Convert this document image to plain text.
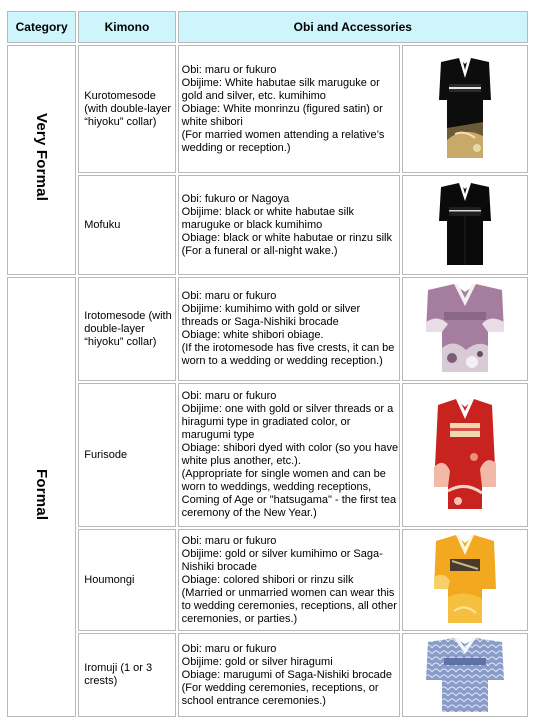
Category	Kimono	Obi and Accessories	
Very Formal	Kurotomesode (with double-layer “hiyoku” collar)	Obi: maru or fukuro
Obijime: White habutae silk maruguke or gold and silver, etc. kumihimo
Obiage: White monrinzu (figured satin) or white shibori
(For married women attending a relative’s wedding or reception.)

	Mofuku	Obi: fukuro or Nagoya
Obijime: black or white habutae silk maruguke or black kumihimo
Obiage: black or white habutae or rinzu silk
(For a funeral or all-night wake.)

Formal	Irotomesode (with double-layer “hiyoku” collar)	Obi: maru or fukuro
Obijime: kumihimo with gold or silver threads or Saga-Nishiki brocade
Obiage: white shibori obiage.
(If the irotomesode has five crests, it can be worn to a wedding or wedding reception.)

	Furisode	Obi: maru or fukuro
Obijime: one with gold or silver threads or a hiragumi type in gradiated color, or marugumi type
Obiage: shibori dyed with color (so you have white plus another, etc.).
(Appropriate for single women and can be worn to weddings, wedding receptions, Coming of Age or "hatsugama" - the first tea ceremony of the New Year.)

	Houmongi	Obi: maru or fukuro
Obijime: gold or silver kumihimo or Saga-Nishiki brocade
Obiage: colored shibori or rinzu silk
(Married or unmarried women can wear this to wedding ceremonies, receptions, all other ceremonies, or parties.)

	Iromuji (1 or 3 crests)	Obi: maru or fukuro
Obijime: gold or silver hiragumi
Obiage: marugumi of Saga-Nishiki brocade
(For wedding ceremonies, receptions, or school entrance ceremonies.)
